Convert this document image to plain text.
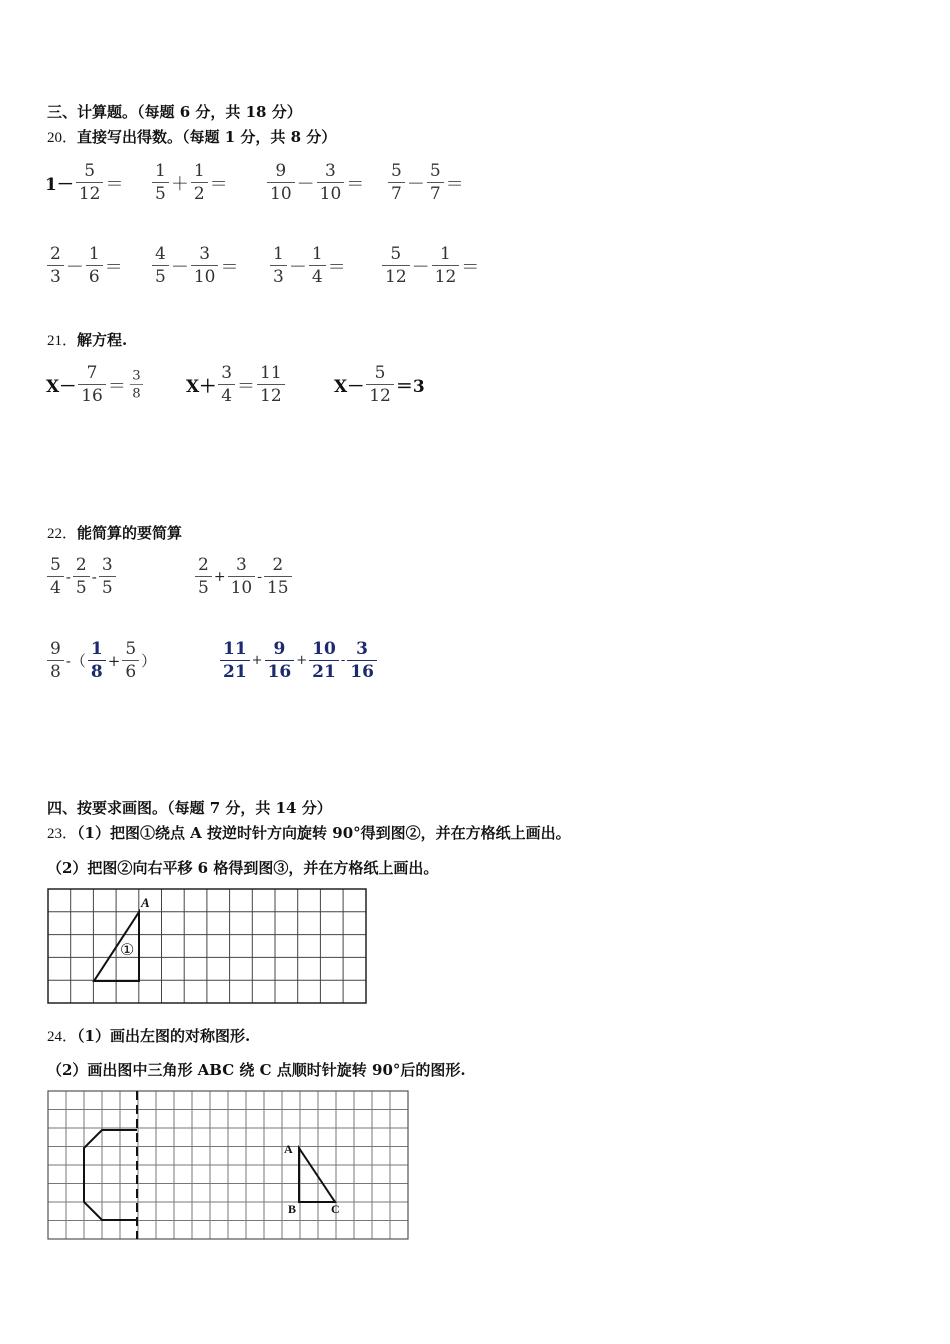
三、计算题。（每题 6 分，共 18 分）
20．直接写出得数。（每题 1 分，共 8 分）
$1- \frac{5}{12} = \frac{1}{5} + \frac{1}{2} = \frac{9}{10} - \frac{3}{10} = \frac{5}{7} - \frac{5}{7}$ ＝
$\frac{2}{3} - \frac{1}{6} = \frac{4}{5} - \frac{3}{10} = \frac{1}{3} - \frac{1}{4} = \frac{5}{12} - \frac{1}{12}$ ＝
21．解方程.
$X- \frac{7}{16} = \frac{3}{8}$	$X+ \frac{3}{4} = \frac{11}{12}$	$X- \frac{5}{12} =3$
22．能简算的要简算
$\frac{5}{4} - \frac{2}{5} - \frac{3}{5}$	$\frac{2}{5} + \frac{3}{10} - \frac{2}{15}$
$\frac{9}{8}$ -（ $\frac{1}{8} + \frac{5}{6}$ ）	$\frac{11}{21} + \frac{9}{16} + \frac{10}{21} - \frac{3}{16}$
四、按要求画图。（每题 7 分，共 14 分）
23．（1）把图①绕点 A 按逆时针方向旋转 90°得到图②，并在方格纸上画出。
（2）把图②向右平移 6 格得到图③，并在方格纸上画出。
A
①
24．（1）画出左图的对称图形.
（2）画出图中三角形 ABC 绕 C 点顺时针旋转 90°后的图形.
A
B	C
